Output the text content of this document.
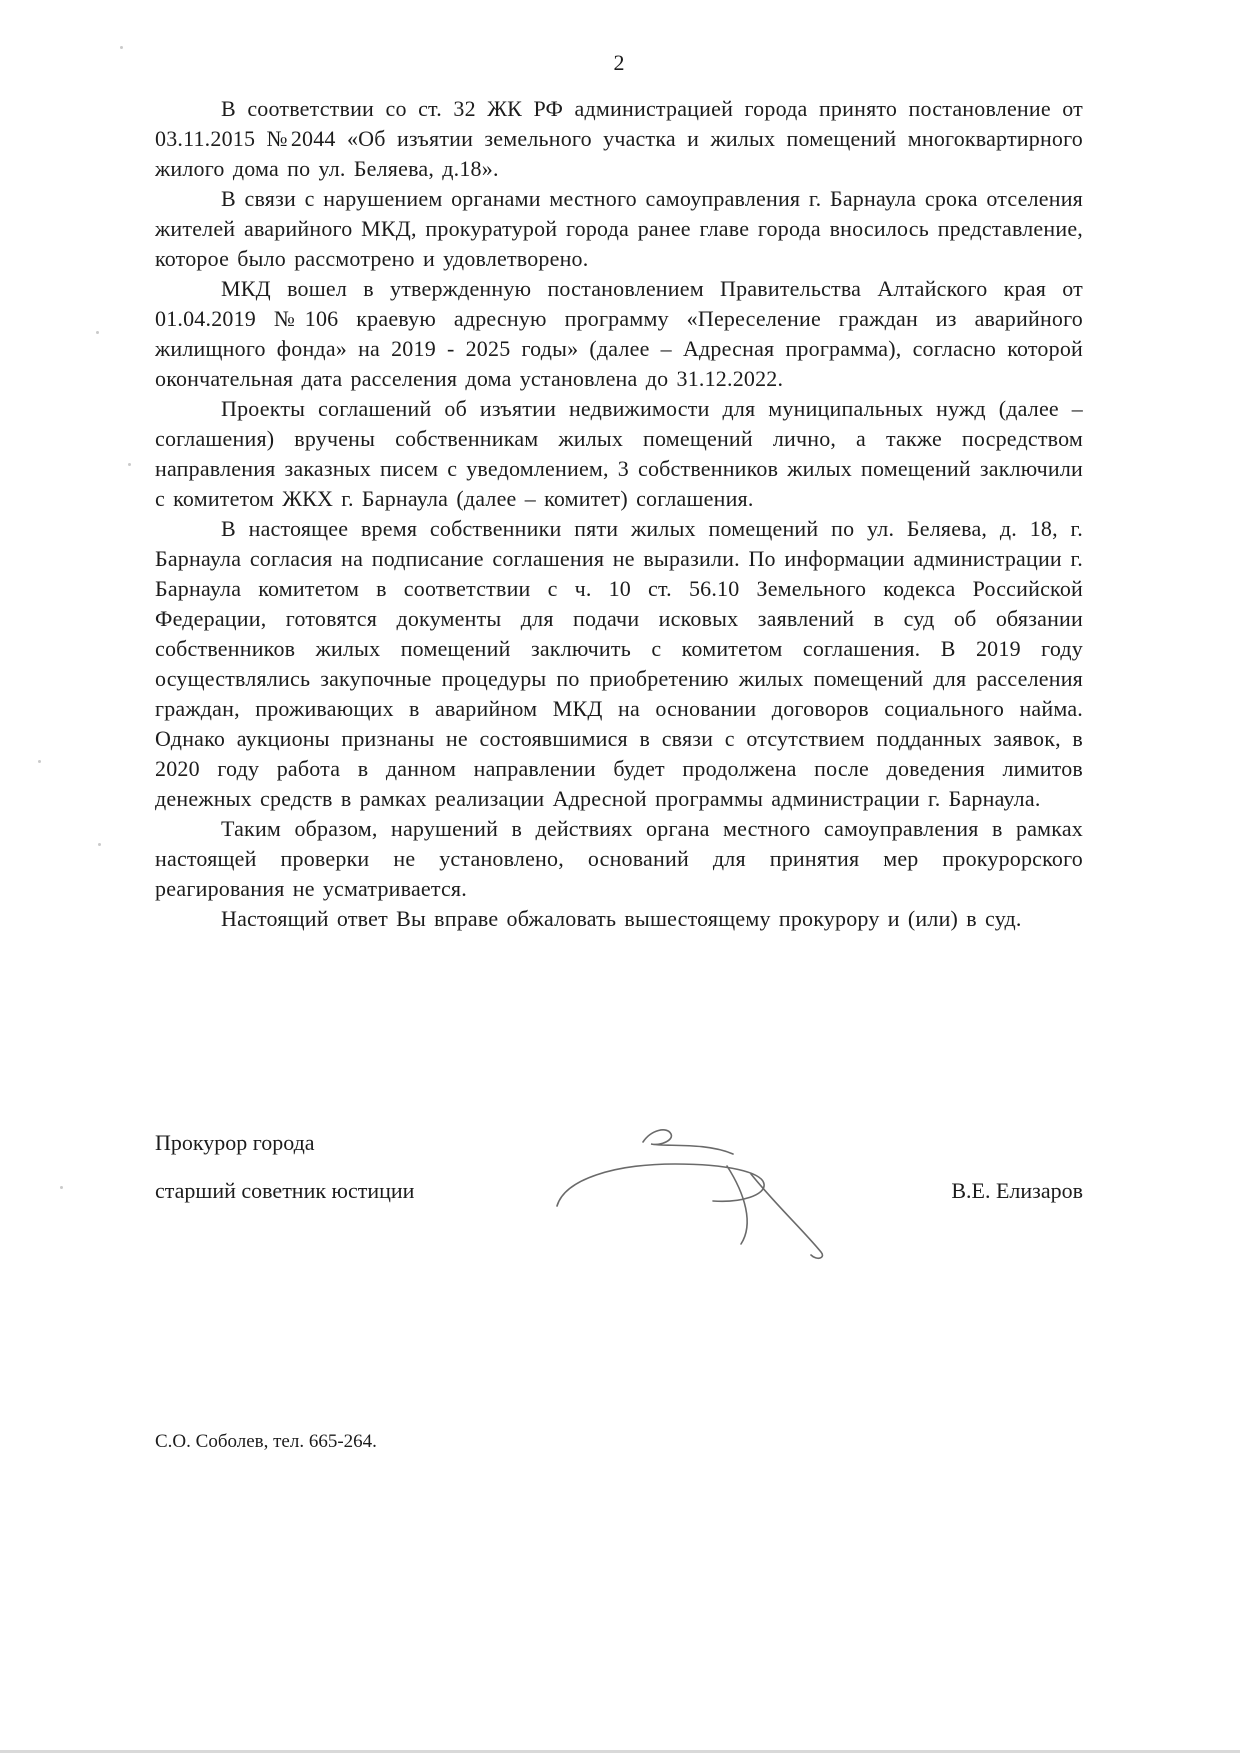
2

В соответствии со ст. 32 ЖК РФ администрацией города принято постановление от 03.11.2015 №2044 «Об изъятии земельного участка и жилых помещений многоквартирного жилого дома по ул. Беляева, д.18».

В связи с нарушением органами местного самоуправления г. Барнаула срока отселения жителей аварийного МКД, прокуратурой города ранее главе города вносилось представление, которое было рассмотрено и удовлетворено.

МКД вошел в утвержденную постановлением Правительства Алтайского края от 01.04.2019 №106 краевую адресную программу «Переселение граждан из аварийного жилищного фонда» на 2019 - 2025 годы» (далее – Адресная программа), согласно которой окончательная дата расселения дома установлена до 31.12.2022.

Проекты соглашений об изъятии недвижимости для муниципальных нужд (далее – соглашения) вручены собственникам жилых помещений лично, а также посредством направления заказных писем с уведомлением, 3 собственников жилых помещений заключили с комитетом ЖКХ г. Барнаула (далее – комитет) соглашения.

В настоящее время собственники пяти жилых помещений по ул. Беляева, д. 18, г. Барнаула согласия на подписание соглашения не выразили. По информации администрации г. Барнаула комитетом в соответствии с ч. 10 ст. 56.10 Земельного кодекса Российской Федерации, готовятся документы для подачи исковых заявлений в суд об обязании собственников жилых помещений заключить с комитетом соглашения. В 2019 году осуществлялись закупочные процедуры по приобретению жилых помещений для расселения граждан, проживающих в аварийном МКД на основании договоров социального найма. Однако аукционы признаны не состоявшимися в связи с отсутствием подданных заявок, в 2020 году работа в данном направлении будет продолжена после доведения лимитов денежных средств в рамках реализации Адресной программы администрации г. Барнаула.

Таким образом, нарушений в действиях органа местного самоуправления в рамках настоящей проверки не установлено, оснований для принятия мер прокурорского реагирования не усматривается.

Настоящий ответ Вы вправе обжаловать вышестоящему прокурору и (или) в суд.

Прокурор города
старший советник юстиции	В.Е. Елизаров
С.О. Соболев, тел. 665-264.
